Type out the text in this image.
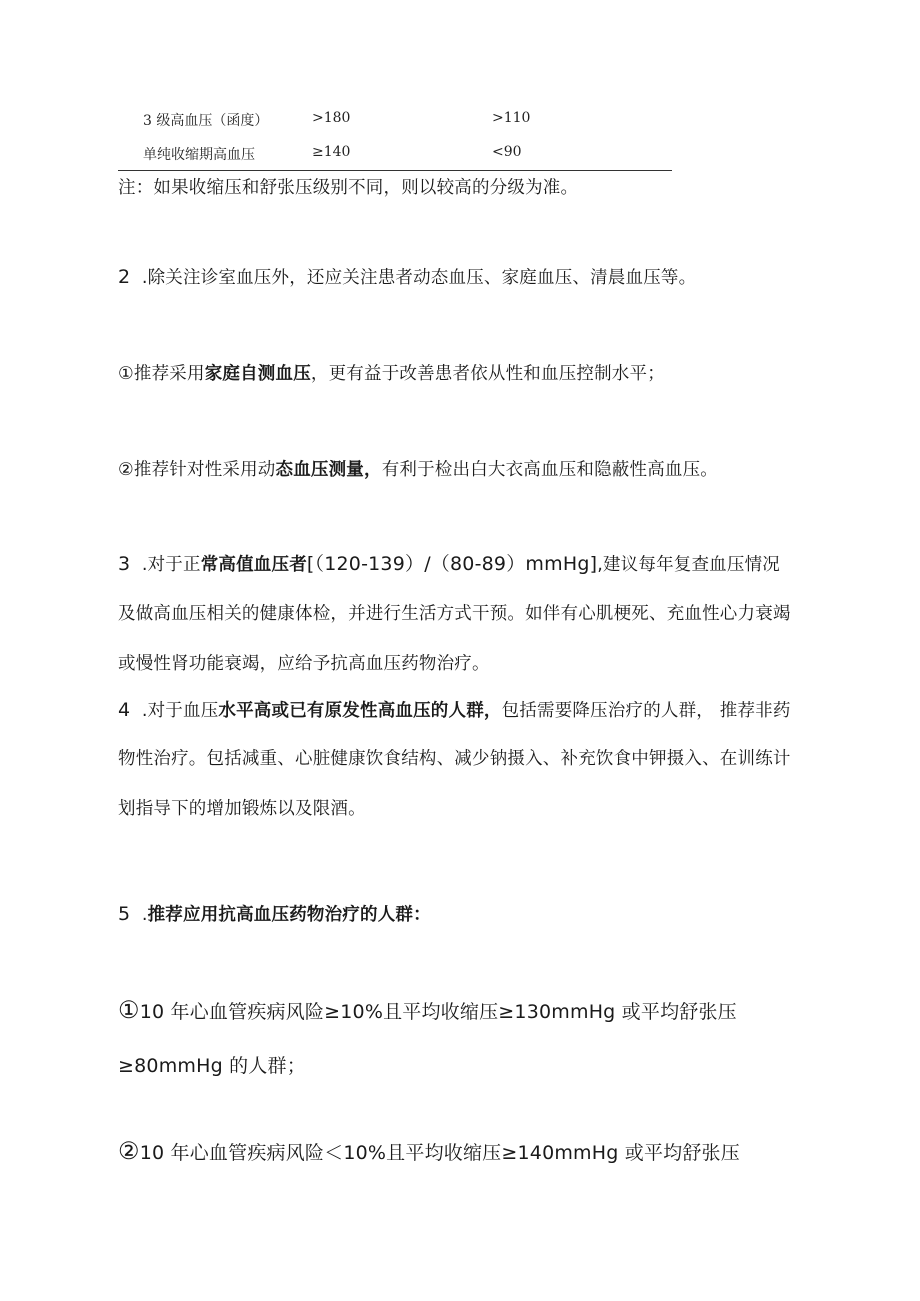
3 级高血压（函度）	>180	>110
单纯收缩期高血压	≥140	<90
注：如果收缩压和舒张压级别不同，则以较高的分级为准。
2 .除关注诊室血压外，还应关注患者动态血压、家庭血压、清晨血压等。
①推荐采用家庭自测血压，更有益于改善患者依从性和血压控制水平；
②推荐针对性采用动态血压测量，有利于检出白大衣高血压和隐蔽性高血压。
3 .对于正常高值血压者[（120-139）/（80-89）mmHg],建议每年复查血压情况
及做高血压相关的健康体检，并进行生活方式干预。如伴有心肌梗死、充血性心力衰竭
或慢性肾功能衰竭，应给予抗高血压药物治疗。
4 .对于血压水平高或已有原发性高血压的人群，包括需要降压治疗的人群， 推荐非药
物性治疗。包括减重、心脏健康饮食结构、减少钠摄入、补充饮食中钾摄入、在训练计
划指导下的增加锻炼以及限酒。
5 .推荐应用抗高血压药物治疗的人群：
①10 年心血管疾病风险≥10%且平均收缩压≥130mmHg 或平均舒张压
≥80mmHg 的人群；
②10 年心血管疾病风险＜10%且平均收缩压≥140mmHg 或平均舒张压
